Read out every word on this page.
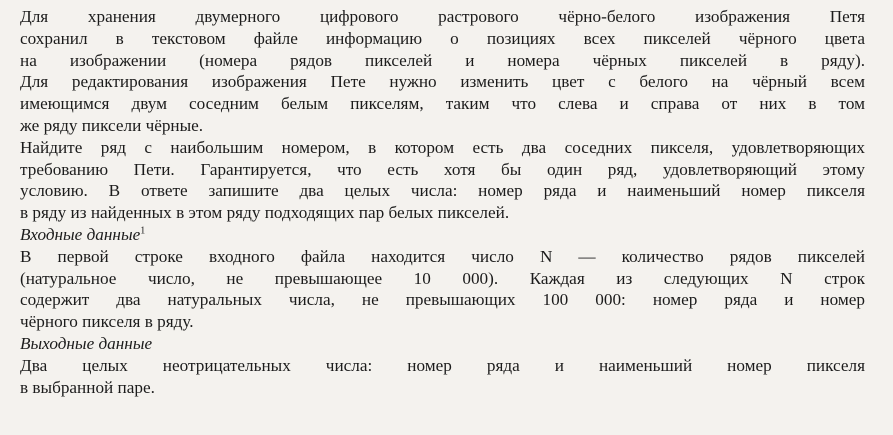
Для хранения двумерного цифрового растрового чёрно-белого изображения Петя
сохранил в текстовом файле информацию о позициях всех пикселей чёрного цвета
на изображении (номера рядов пикселей и номера чёрных пикселей в ряду).
Для редактирования изображения Пете нужно изменить цвет с белого на чёрный всем
имеющимся двум соседним белым пикселям, таким что слева и справа от них в том
же ряду пиксели чёрные.
Найдите ряд с наибольшим номером, в котором есть два соседних пикселя, удовлетворяющих
требованию Пети. Гарантируется, что есть хотя бы один ряд, удовлетворяющий этому
условию. В ответе запишите два целых числа: номер ряда и наименьший номер пикселя
в ряду из найденных в этом ряду подходящих пар белых пикселей.
Входные данные$^1$
В первой строке входного файла находится число N — количество рядов пикселей
(натуральное число, не превышающее 10 000). Каждая из следующих N строк
содержит два натуральных числа, не превышающих 100 000: номер ряда и номер
чёрного пикселя в ряду.
Выходные данные
Два целых неотрицательных числа: номер ряда и наименьший номер пикселя
в выбранной паре.
